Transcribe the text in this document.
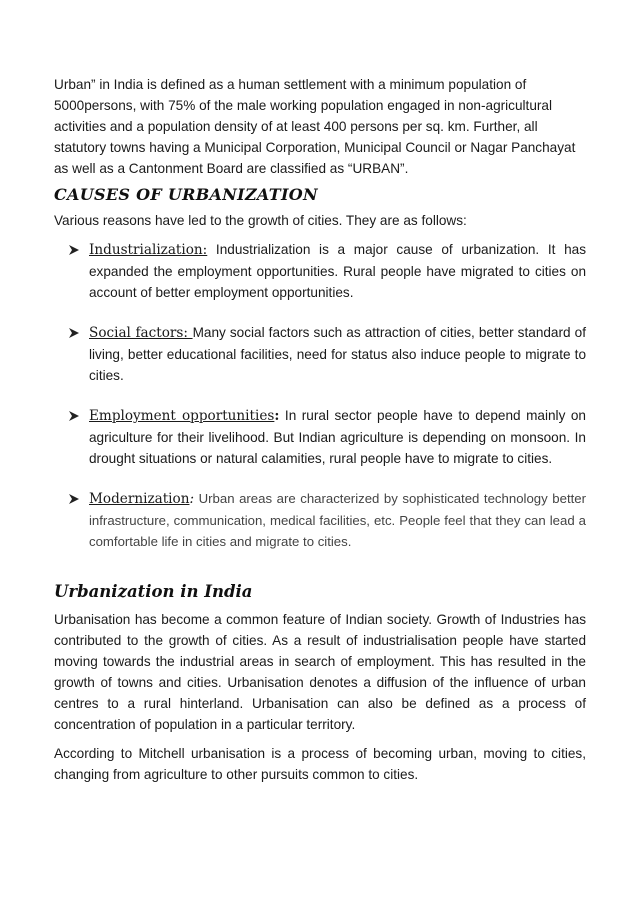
Urban” in India is defined as a human settlement with a minimum population of 5000persons, with 75% of the male working population engaged in non-agricultural activities and a population density of at least 400 persons per sq. km. Further, all statutory towns having a Municipal Corporation, Municipal Council or Nagar Panchayat as well as a Cantonment Board are classified as “URBAN”.

CAUSES OF URBANIZATION

Various reasons have led to the growth of cities. They are as follows:

Industrialization: Industrialization is a major cause of urbanization. It has expanded the employment opportunities. Rural people have migrated to cities on account of better employment opportunities.

Social factors: Many social factors such as attraction of cities, better standard of living, better educational facilities, need for status also induce people to migrate to cities.

Employment opportunities: In rural sector people have to depend mainly on agriculture for their livelihood. But Indian agriculture is depending on monsoon. In drought situations or natural calamities, rural people have to migrate to cities.

Modernization: Urban areas are characterized by sophisticated technology better infrastructure, communication, medical facilities, etc. People feel that they can lead a comfortable life in cities and migrate to cities.

Urbanization in India

Urbanisation has become a common feature of Indian society. Growth of Industries has contributed to the growth of cities. As a result of industrialisation people have started moving towards the industrial areas in search of employment. This has resulted in the growth of towns and cities. Urbanisation denotes a diffusion of the influence of urban centres to a rural hinterland. Urbanisation can also be defined as a process of concentration of population in a particular territory.

According to Mitchell urbanisation is a process of becoming urban, moving to cities, changing from agriculture to other pursuits common to cities.
